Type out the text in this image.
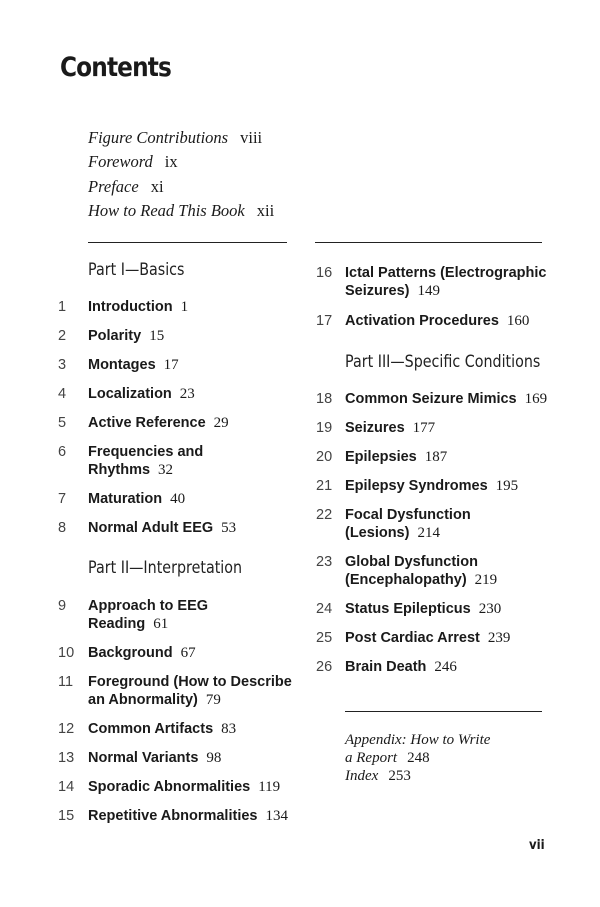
Contents
Figure Contributions viii
Foreword ix
Preface xi
How to Read This Book xii
Part I—Basics
Part II—Interpretation
Part III—Specific Conditions
1 Introduction 1
2 Polarity 15
3 Montages 17
4 Localization 23
5 Active Reference 29
6 Frequencies and
Rhythms 32
7 Maturation 40
8 Normal Adult EEG 53
9 Approach to EEG
Reading 61
10 Background 67
11 Foreground (How to Describe
an Abnormality) 79
12 Common Artifacts 83
13 Normal Variants 98
14 Sporadic Abnormalities 119
15 Repetitive Abnormalities 134
16 Ictal Patterns (Electrographic
Seizures) 149
17 Activation Procedures 160
18 Common Seizure Mimics 169
19 Seizures 177
20 Epilepsies 187
21 Epilepsy Syndromes 195
22 Focal Dysfunction
(Lesions) 214
23 Global Dysfunction
(Encephalopathy) 219
24 Status Epilepticus 230
25 Post Cardiac Arrest 239
26 Brain Death 246
Appendix: How to Write
a Report 248
Index 253
vii
